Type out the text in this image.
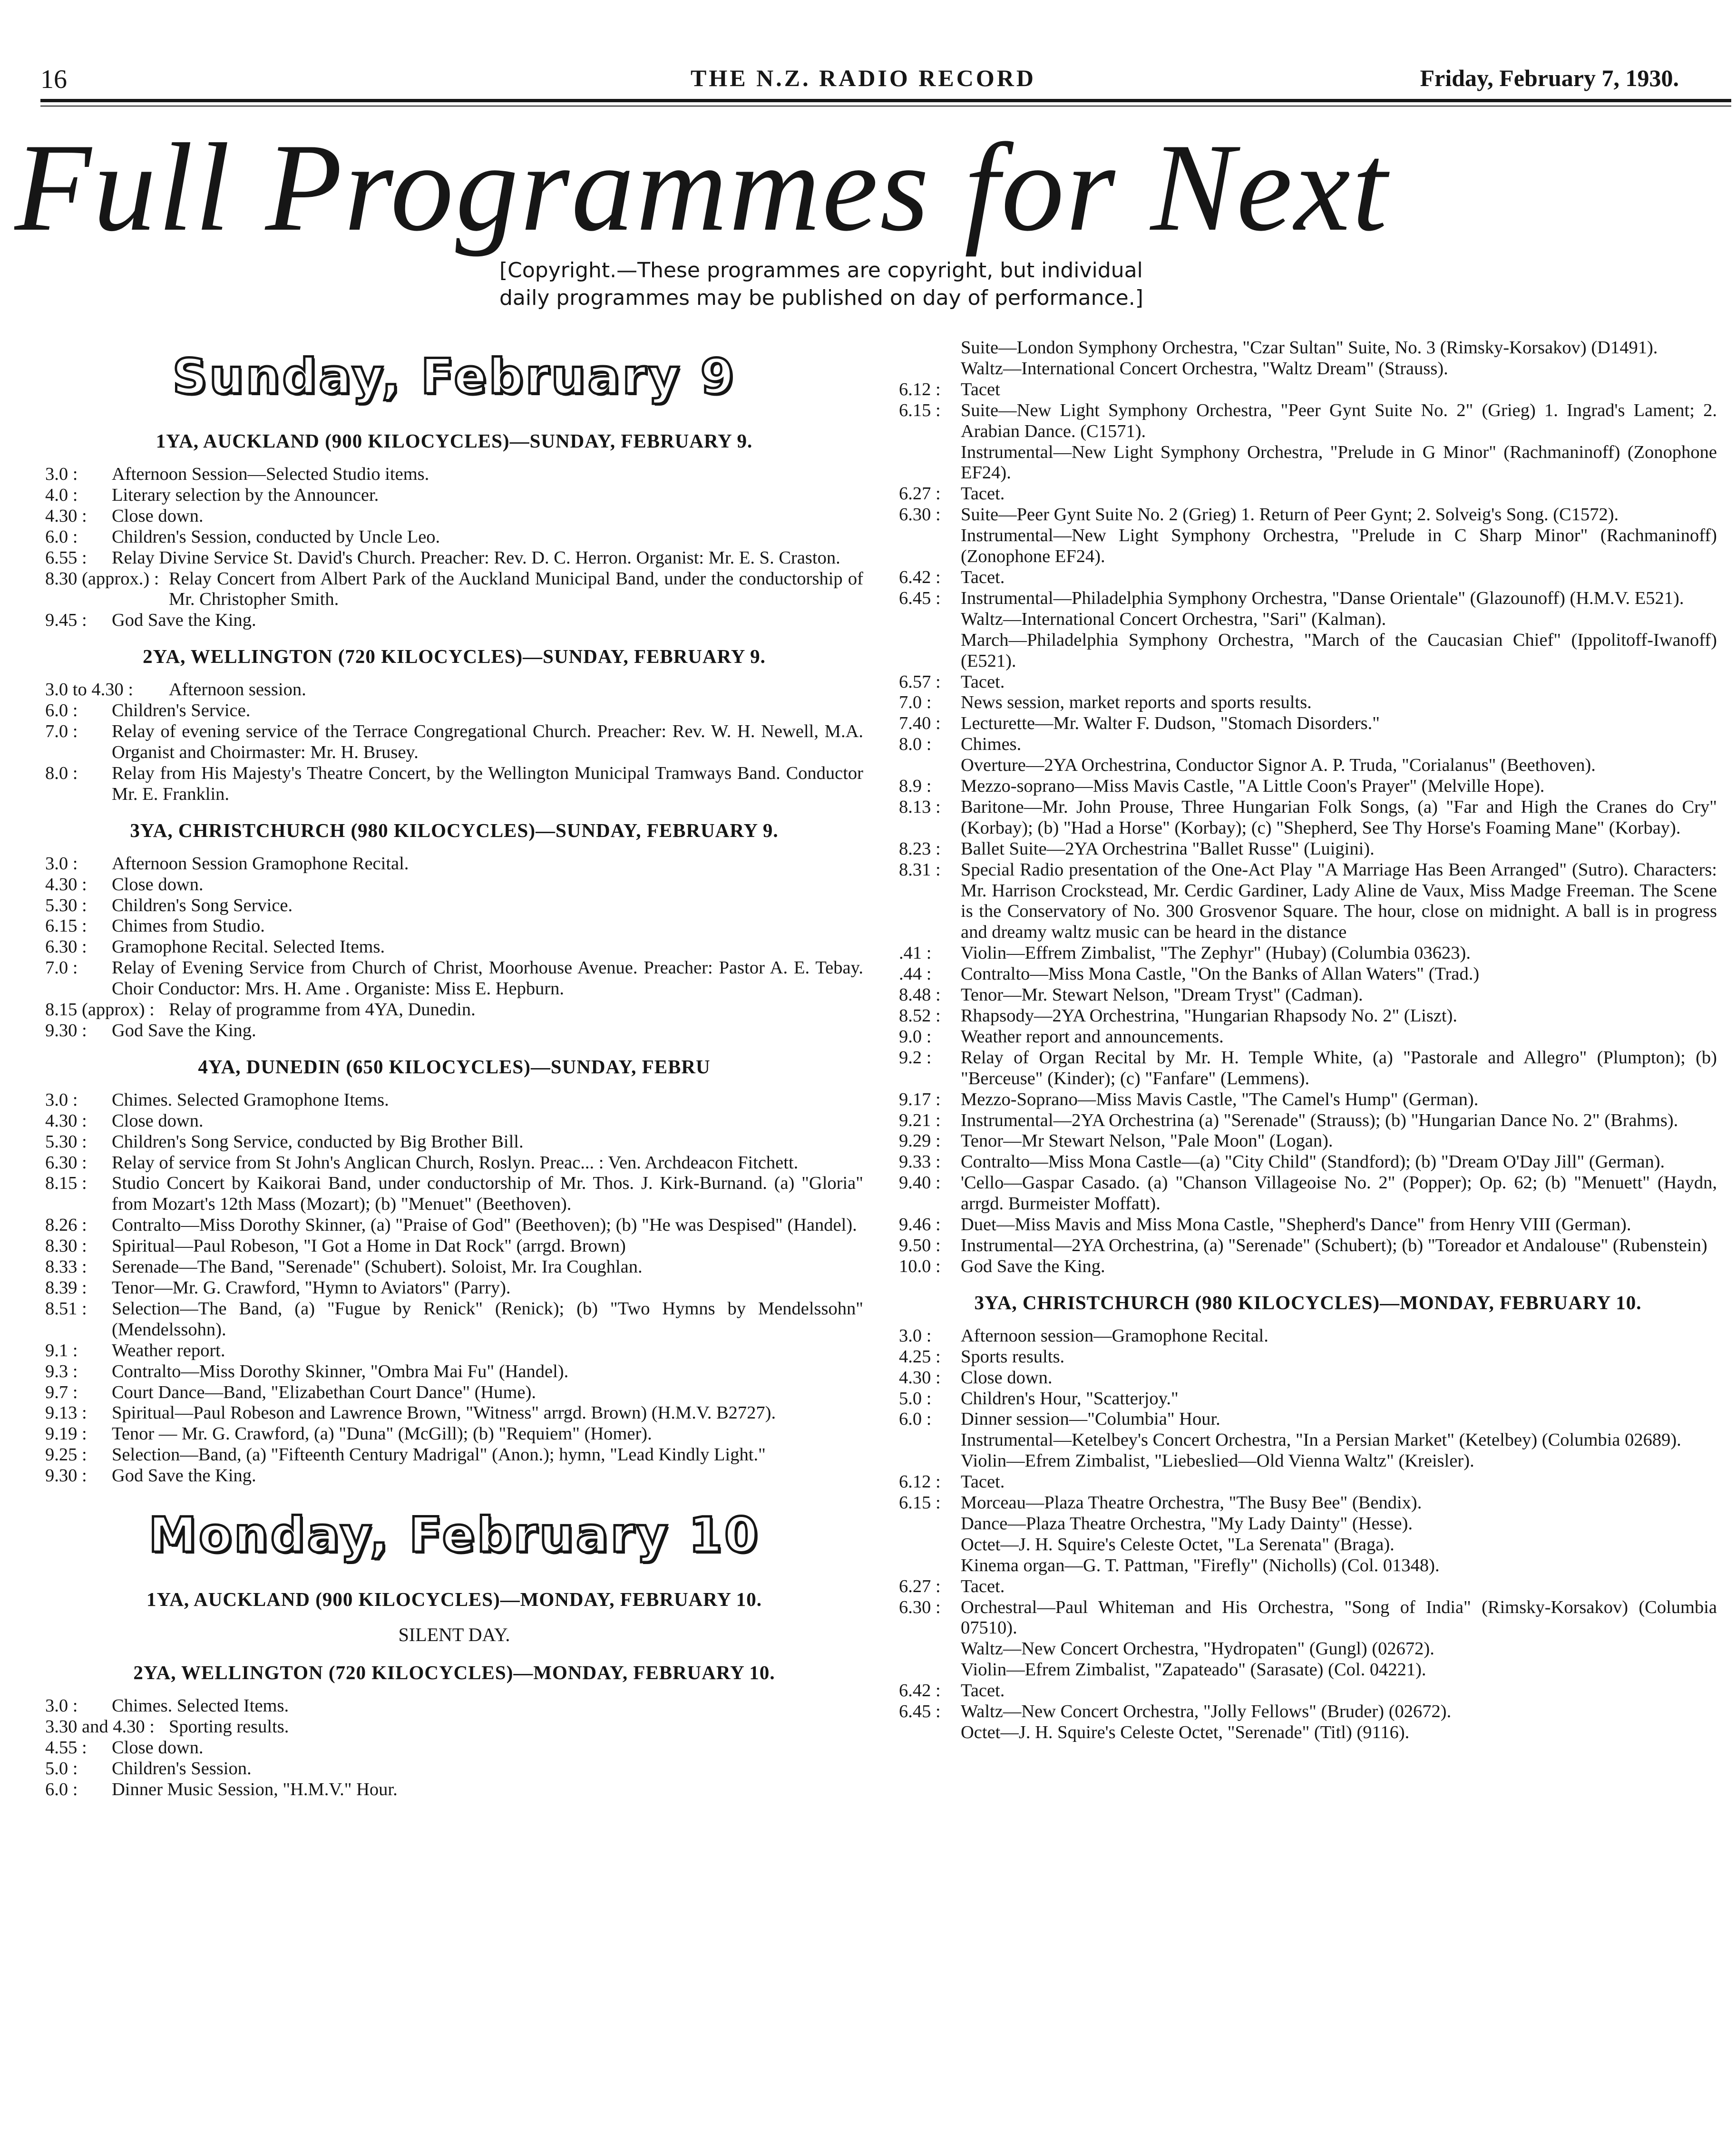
16	THE N.Z. RADIO RECORD	Friday, February 7, 1930.
Full Programmes for Next
[Copyright.—These programmes are copyright, but individual
daily programmes may be published on day of performance.]
Sunday, February 9
1YA, AUCKLAND (900 KILOCYCLES)—SUNDAY, FEBRUARY 9.
3.0 :	Afternoon Session—Selected Studio items.
4.0 :	Literary selection by the Announcer.
4.30 :	Close down.
6.0 :	Children's Session, conducted by Uncle Leo.
6.55 :	Relay Divine Service St. David's Church. Preacher: Rev. D. C. Herron. Organist: Mr. E. S. Craston.
8.30 (approx.) : Relay Concert from Albert Park of the Auckland Municipal Band, under the conductorship of Mr. Christopher Smith.
9.45 :	God Save the King.
2YA, WELLINGTON (720 KILOCYCLES)—SUNDAY, FEBRUARY 9.
3.0 to 4.30 :	Afternoon session.
6.0 :	Children's Service.
7.0 :	Relay of evening service of the Terrace Congregational Church. Preacher: Rev. W. H. Newell, M.A. Organist and Choirmaster: Mr. H. Brusey.
8.0 :	Relay from His Majesty's Theatre Concert, by the Wellington Municipal Tramways Band. Conductor Mr. E. Franklin.
3YA, CHRISTCHURCH (980 KILOCYCLES)—SUNDAY, FEBRUARY 9.
3.0 :	Afternoon Session Gramophone Recital.
4.30 :	Close down.
5.30 :	Children's Song Service.
6.15 :	Chimes from Studio.
6.30 :	Gramophone Recital. Selected Items.
7.0 :	Relay of Evening Service from Church of Christ, Moorhouse Avenue. Preacher: Pastor A. E. Tebay. Choir Conductor: Mrs. H. Ame . Organiste: Miss E. Hepburn.
8.15 (approx) : Relay of programme from 4YA, Dunedin.
9.30 :	God Save the King.
4YA, DUNEDIN (650 KILOCYCLES)—SUNDAY, FEBRU
3.0 :	Chimes. Selected Gramophone Items.
4.30 :	Close down.
5.30 :	Children's Song Service, conducted by Big Brother Bill.
6.30 :	Relay of service from St John's Anglican Church, Roslyn. Preac... : Ven. Archdeacon Fitchett.
8.15 :	Studio Concert by Kaikorai Band, under conductorship of Mr. Thos. J. Kirk-Burnand. (a) "Gloria" from Mozart's 12th Mass (Mozart); (b) "Menuet" (Beethoven).
8.26 :	Contralto—Miss Dorothy Skinner, (a) "Praise of God" (Beethoven); (b) "He was Despised" (Handel).
8.30 :	Spiritual—Paul Robeson, "I Got a Home in Dat Rock" (arrgd. Brown)
8.33 :	Serenade—The Band, "Serenade" (Schubert). Soloist, Mr. Ira Coughlan.
8.39 :	Tenor—Mr. G. Crawford, "Hymn to Aviators" (Parry).
8.51 :	Selection—The Band, (a) "Fugue by Renick" (Renick); (b) "Two Hymns by Mendelssohn" (Mendelssohn).
9.1 :	Weather report.
9.3 :	Contralto—Miss Dorothy Skinner, "Ombra Mai Fu" (Handel).
9.7 :	Court Dance—Band, "Elizabethan Court Dance" (Hume).
9.13 :	Spiritual—Paul Robeson and Lawrence Brown, "Witness" arrgd. Brown) (H.M.V. B2727).
9.19 :	Tenor — Mr. G. Crawford, (a) "Duna" (McGill); (b) "Requiem" (Homer).
9.25 :	Selection—Band, (a) "Fifteenth Century Madrigal" (Anon.); hymn, "Lead Kindly Light."
9.30 :	God Save the King.
Monday, February 10
1YA, AUCKLAND (900 KILOCYCLES)—MONDAY, FEBRUARY 10.
SILENT DAY.
2YA, WELLINGTON (720 KILOCYCLES)—MONDAY, FEBRUARY 10.
3.0 :	Chimes. Selected Items.
3.30 and 4.30 : Sporting results.
4.55 :	Close down.
5.0 :	Children's Session.
6.0 :	Dinner Music Session, "H.M.V." Hour.
Suite—London Symphony Orchestra, "Czar Sultan" Suite, No. 3 (Rimsky-Korsakov) (D1491).
Waltz—International Concert Orchestra, "Waltz Dream" (Strauss).
6.12 :	Tacet
6.15 :	Suite—New Light Symphony Orchestra, "Peer Gynt Suite No. 2" (Grieg) 1. Ingrad's Lament; 2. Arabian Dance. (C1571).
Instrumental—New Light Symphony Orchestra, "Prelude in G Minor" (Rachmaninoff) (Zonophone EF24).
6.27 :	Tacet.
6.30 :	Suite—Peer Gynt Suite No. 2 (Grieg) 1. Return of Peer Gynt; 2. Solveig's Song. (C1572).
Instrumental—New Light Symphony Orchestra, "Prelude in C Sharp Minor" (Rachmaninoff) (Zonophone EF24).
6.42 :	Tacet.
6.45 :	Instrumental—Philadelphia Symphony Orchestra, "Danse Orientale" (Glazounoff) (H.M.V. E521).
Waltz—International Concert Orchestra, "Sari" (Kalman).
March—Philadelphia Symphony Orchestra, "March of the Caucasian Chief" (Ippolitoff-Iwanoff) (E521).
6.57 :	Tacet.
7.0 :	News session, market reports and sports results.
7.40 :	Lecturette—Mr. Walter F. Dudson, "Stomach Disorders."
8.0 :	Chimes.
Overture—2YA Orchestrina, Conductor Signor A. P. Truda, "Corialanus" (Beethoven).
8.9 :	Mezzo-soprano—Miss Mavis Castle, "A Little Coon's Prayer" (Melville Hope).
8.13 :	Baritone—Mr. John Prouse, Three Hungarian Folk Songs, (a) "Far and High the Cranes do Cry" (Korbay); (b) "Had a Horse" (Korbay); (c) "Shepherd, See Thy Horse's Foaming Mane" (Korbay).
8.23 :	Ballet Suite—2YA Orchestrina "Ballet Russe" (Luigini).
8.31 :	Special Radio presentation of the One-Act Play "A Marriage Has Been Arranged" (Sutro). Characters: Mr. Harrison Crockstead, Mr. Cerdic Gardiner, Lady Aline de Vaux, Miss Madge Freeman. The Scene is the Conservatory of No. 300 Grosvenor Square. The hour, close on midnight. A ball is in progress and dreamy waltz music can be heard in the distance
.41 :	Violin—Effrem Zimbalist, "The Zephyr" (Hubay) (Columbia 03623).
.44 :	Contralto—Miss Mona Castle, "On the Banks of Allan Waters" (Trad.)
8.48 :	Tenor—Mr. Stewart Nelson, "Dream Tryst" (Cadman).
8.52 :	Rhapsody—2YA Orchestrina, "Hungarian Rhapsody No. 2" (Liszt).
9.0 :	Weather report and announcements.
9.2 :	Relay of Organ Recital by Mr. H. Temple White, (a) "Pastorale and Allegro" (Plumpton); (b) "Berceuse" (Kinder); (c) "Fanfare" (Lemmens).
9.17 :	Mezzo-Soprano—Miss Mavis Castle, "The Camel's Hump" (German).
9.21 :	Instrumental—2YA Orchestrina (a) "Serenade" (Strauss); (b) "Hungarian Dance No. 2" (Brahms).
9.29 :	Tenor—Mr Stewart Nelson, "Pale Moon" (Logan).
9.33 :	Contralto—Miss Mona Castle—(a) "City Child" (Standford); (b) "Dream O'Day Jill" (German).
9.40 :	'Cello—Gaspar Casado. (a) "Chanson Villageoise No. 2" (Popper); Op. 62; (b) "Menuett" (Haydn, arrgd. Burmeister Moffatt).
9.46 :	Duet—Miss Mavis and Miss Mona Castle, "Shepherd's Dance" from Henry VIII (German).
9.50 :	Instrumental—2YA Orchestrina, (a) "Serenade" (Schubert); (b) "Toreador et Andalouse" (Rubenstein)
10.0 :	God Save the King.
3YA, CHRISTCHURCH (980 KILOCYCLES)—MONDAY, FEBRUARY 10.
3.0 :	Afternoon session—Gramophone Recital.
4.25 :	Sports results.
4.30 :	Close down.
5.0 :	Children's Hour, "Scatterjoy."
6.0 :	Dinner session—"Columbia" Hour.
Instrumental—Ketelbey's Concert Orchestra, "In a Persian Market" (Ketelbey) (Columbia 02689).
Violin—Efrem Zimbalist, "Liebeslied—Old Vienna Waltz" (Kreisler).
6.12 :	Tacet.
6.15 :	Morceau—Plaza Theatre Orchestra, "The Busy Bee" (Bendix).
Dance—Plaza Theatre Orchestra, "My Lady Dainty" (Hesse).
Octet—J. H. Squire's Celeste Octet, "La Serenata" (Braga).
Kinema organ—G. T. Pattman, "Firefly" (Nicholls) (Col. 01348).
6.27 :	Tacet.
6.30 :	Orchestral—Paul Whiteman and His Orchestra, "Song of India" (Rimsky-Korsakov) (Columbia 07510).
Waltz—New Concert Orchestra, "Hydropaten" (Gungl) (02672).
Violin—Efrem Zimbalist, "Zapateado" (Sarasate) (Col. 04221).
6.42 :	Tacet.
6.45 :	Waltz—New Concert Orchestra, "Jolly Fellows" (Bruder) (02672).
Octet—J. H. Squire's Celeste Octet, "Serenade" (Titl) (9116).
